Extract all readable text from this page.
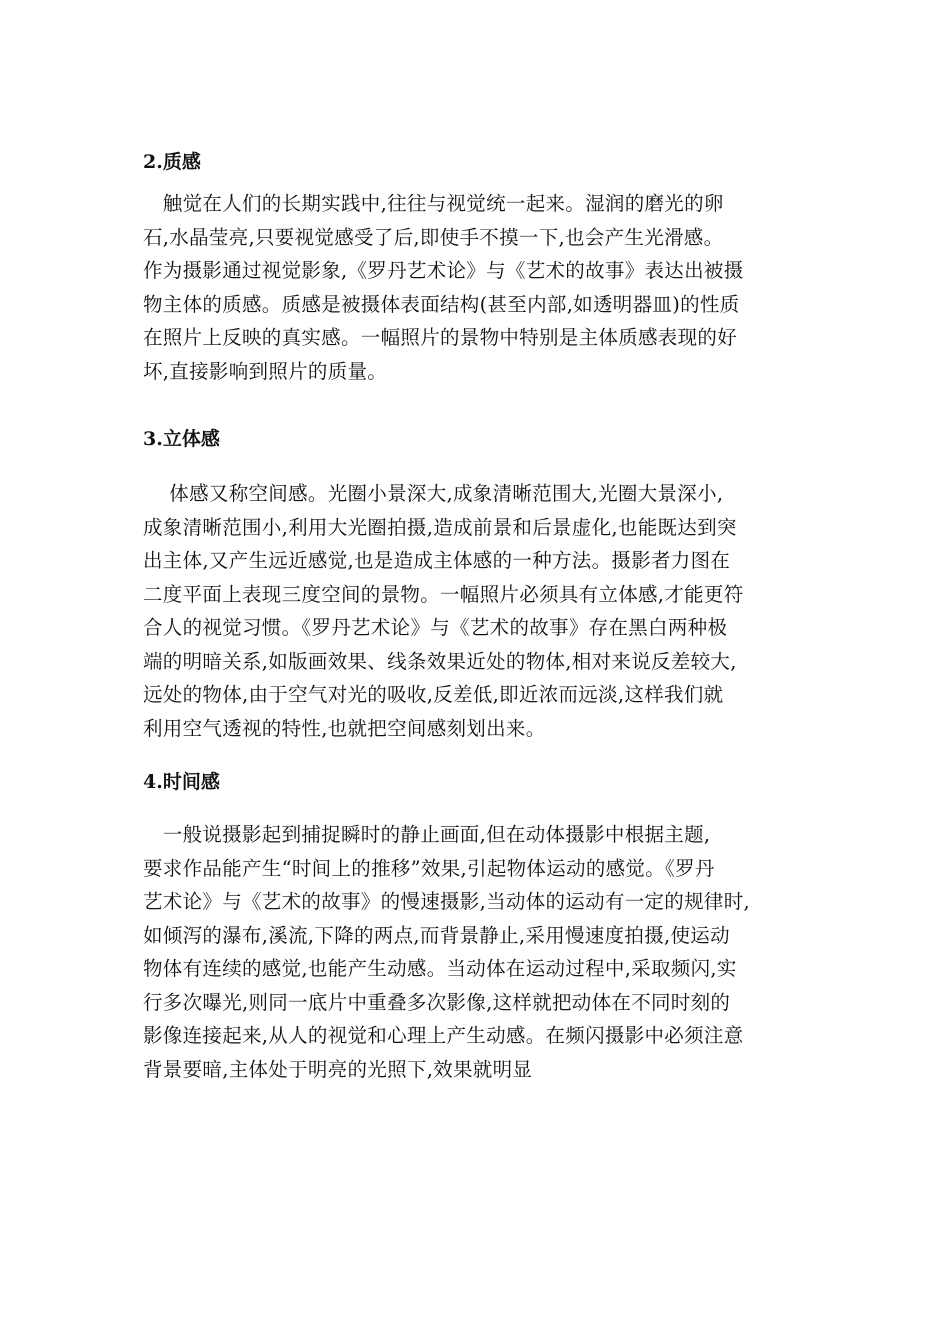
2.质感
　触觉在人们的长期实践中,往往与视觉统一起来。湿润的磨光的卵
石,水晶莹亮,只要视觉感受了后,即使手不摸一下,也会产生光滑感。
作为摄影通过视觉影象,《罗丹艺术论》与《艺术的故事》表达出被摄
物主体的质感。质感是被摄体表面结构(甚至内部,如透明器皿)的性质
在照片上反映的真实感。一幅照片的景物中特别是主体质感表现的好
坏,直接影响到照片的质量。
3.立体感
　 体感又称空间感。光圈小景深大,成象清晰范围大,光圈大景深小,
成象清晰范围小,利用大光圈拍摄,造成前景和后景虚化,也能既达到突
出主体,又产生远近感觉,也是造成主体感的一种方法。摄影者力图在
二度平面上表现三度空间的景物。一幅照片必须具有立体感,才能更符
合人的视觉习惯。《罗丹艺术论》与《艺术的故事》存在黑白两种极
端的明暗关系,如版画效果、线条效果近处的物体,相对来说反差较大,
远处的物体,由于空气对光的吸收,反差低,即近浓而远淡,这样我们就
利用空气透视的特性,也就把空间感刻划出来。
4.时间感
　一般说摄影起到捕捉瞬时的静止画面,但在动体摄影中根据主题,
要求作品能产生“时间上的推移”效果,引起物体运动的感觉。《罗丹
艺术论》与《艺术的故事》的慢速摄影,当动体的运动有一定的规律时,
如倾泻的瀑布,溪流,下降的两点,而背景静止,采用慢速度拍摄,使运动
物体有连续的感觉,也能产生动感。当动体在运动过程中,采取频闪,实
行多次曝光,则同一底片中重叠多次影像,这样就把动体在不同时刻的
影像连接起来,从人的视觉和心理上产生动感。在频闪摄影中必须注意
背景要暗,主体处于明亮的光照下,效果就明显
